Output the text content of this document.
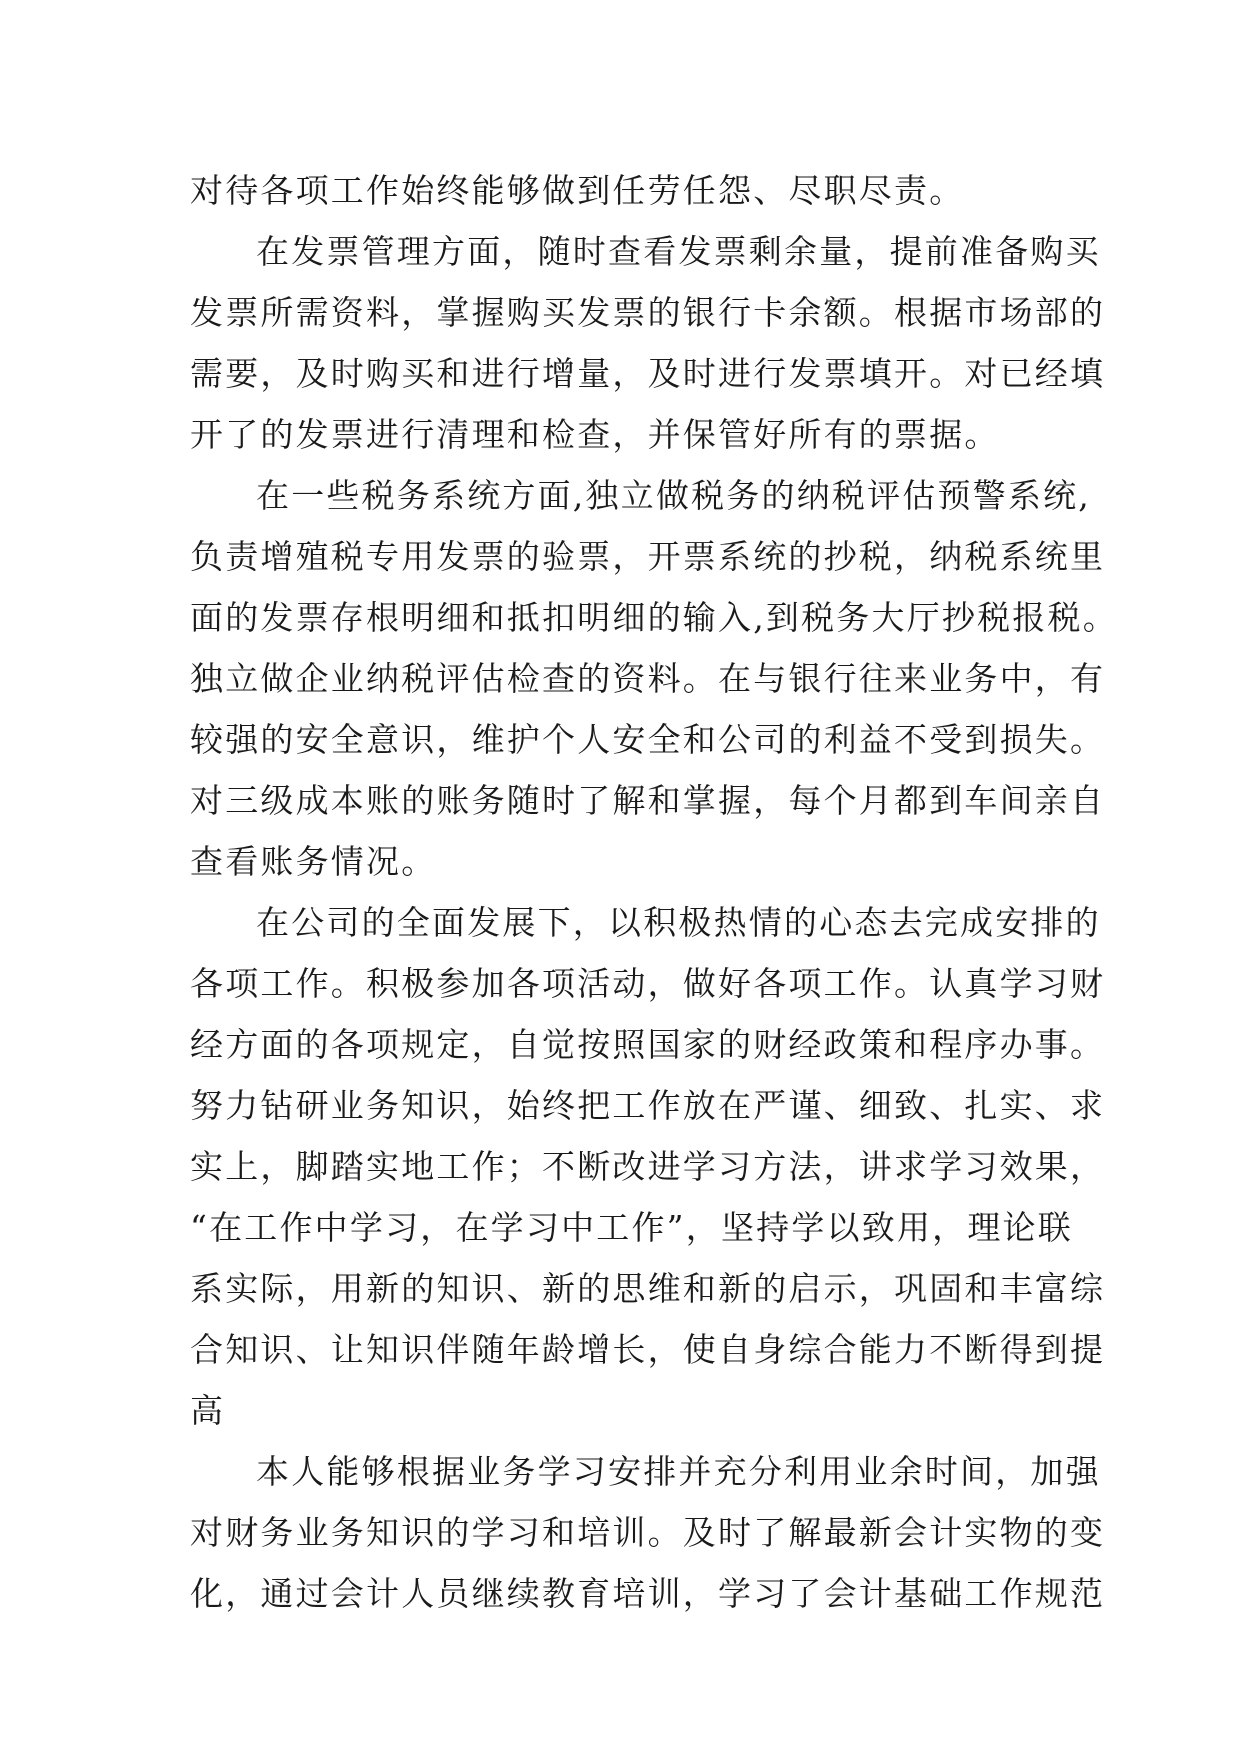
对待各项工作始终能够做到任劳任怨、尽职尽责。
在发票管理方面，随时查看发票剩余量，提前准备购买
发票所需资料，掌握购买发票的银行卡余额。根据市场部的
需要，及时购买和进行增量，及时进行发票填开。对已经填
开了的发票进行清理和检查，并保管好所有的票据。
在一些税务系统方面,独立做税务的纳税评估预警系统,
负责增殖税专用发票的验票，开票系统的抄税，纳税系统里
面的发票存根明细和抵扣明细的输入,到税务大厅抄税报税。
独立做企业纳税评估检查的资料。在与银行往来业务中，有
较强的安全意识，维护个人安全和公司的利益不受到损失。
对三级成本账的账务随时了解和掌握，每个月都到车间亲自
查看账务情况。
在公司的全面发展下，以积极热情的心态去完成安排的
各项工作。积极参加各项活动，做好各项工作。认真学习财
经方面的各项规定，自觉按照国家的财经政策和程序办事。
努力钻研业务知识，始终把工作放在严谨、细致、扎实、求
实上，脚踏实地工作；不断改进学习方法，讲求学习效果，
“在工作中学习，在学习中工作”，坚持学以致用，理论联
系实际，用新的知识、新的思维和新的启示，巩固和丰富综
合知识、让知识伴随年龄增长，使自身综合能力不断得到提
高
本人能够根据业务学习安排并充分利用业余时间，加强
对财务业务知识的学习和培训。及时了解最新会计实物的变
化，通过会计人员继续教育培训，学习了会计基础工作规范
